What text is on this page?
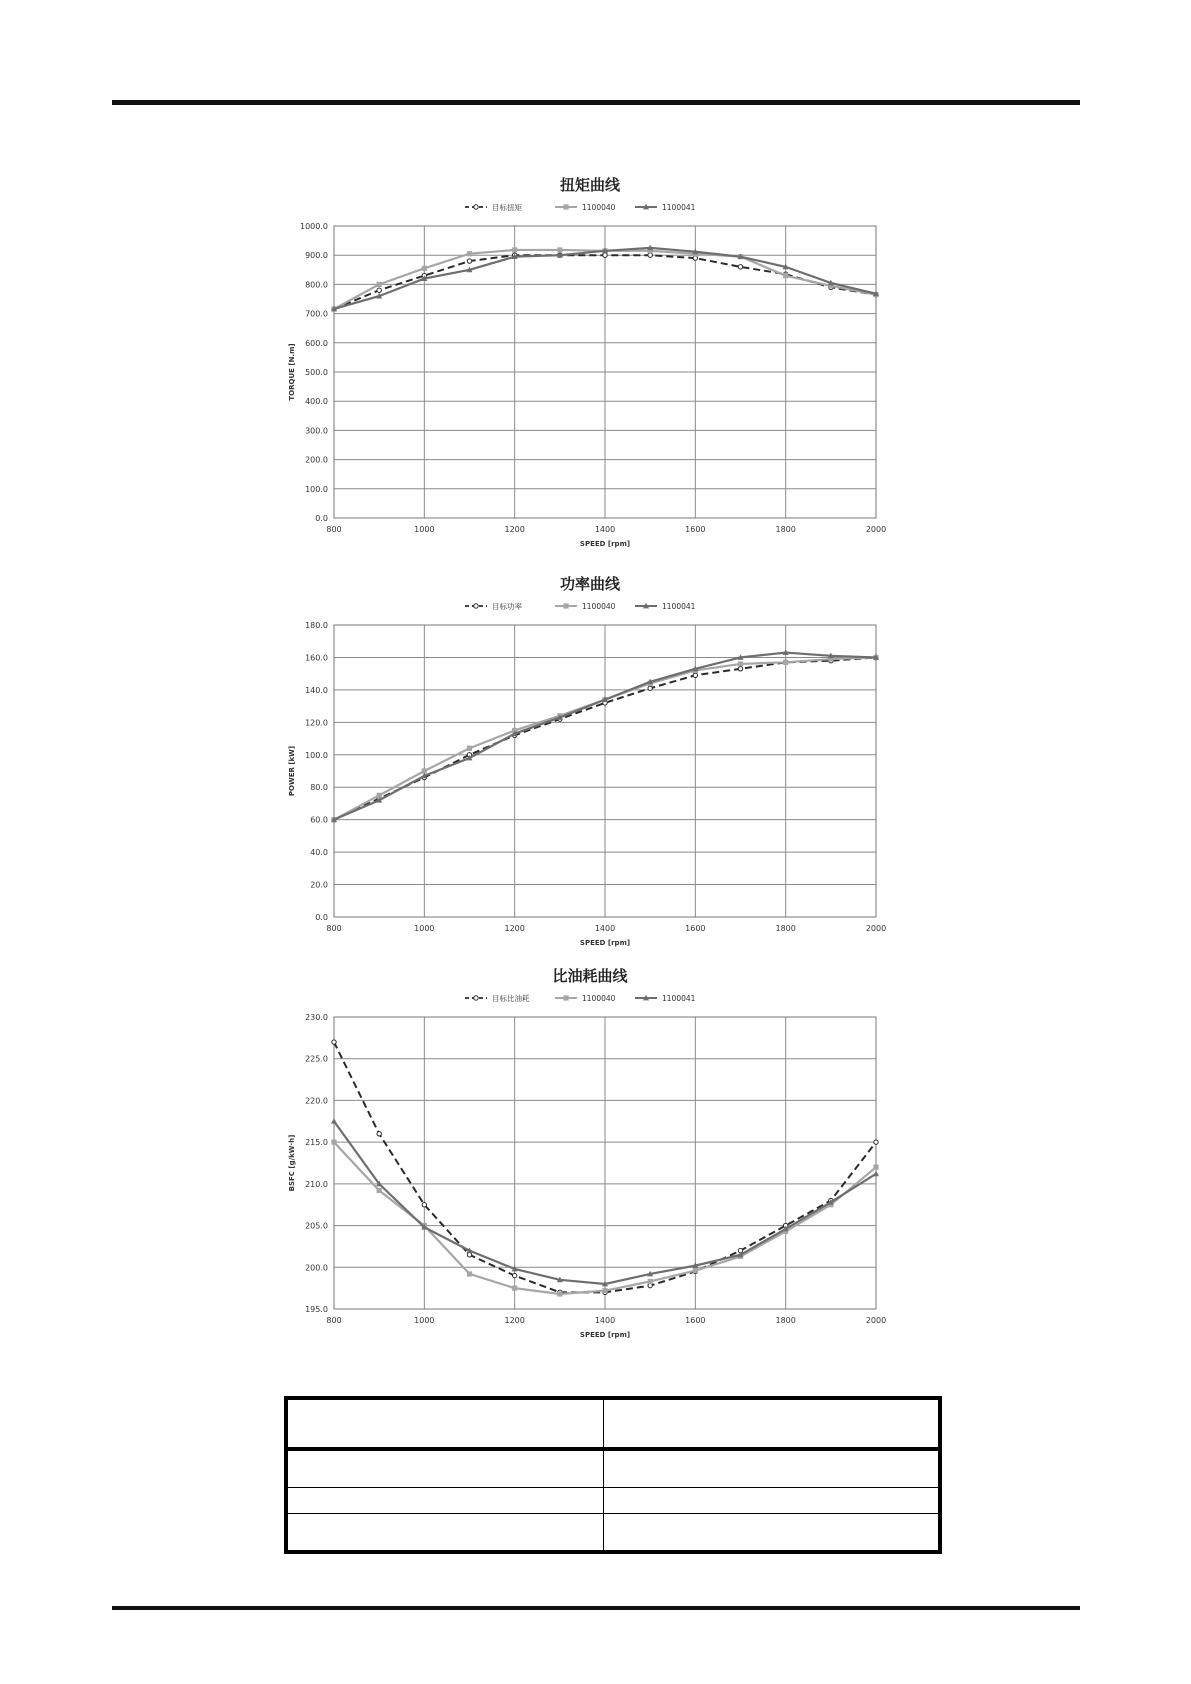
扭矩曲线
目标扭矩	1100040	1100041
0.0
100.0
200.0
300.0
400.0
500.0
600.0
700.0
800.0
900.0
1000.0
800	1000	1200	1400	1600	1800	2000
SPEED [rpm]
TORQUE [N.m]
功率曲线
目标功率	1100040	1100041
0.0
20.0
40.0
60.0
80.0
100.0
120.0
140.0
160.0
180.0
800	1000	1200	1400	1600	1800	2000
SPEED [rpm]
POWER [kW]
比油耗曲线
目标比油耗	1100040	1100041
195.0
200.0
205.0
210.0
215.0
220.0
225.0
230.0
800	1000	1200	1400	1600	1800	2000
SPEED [rpm]
BSFC [g/kW·h]
